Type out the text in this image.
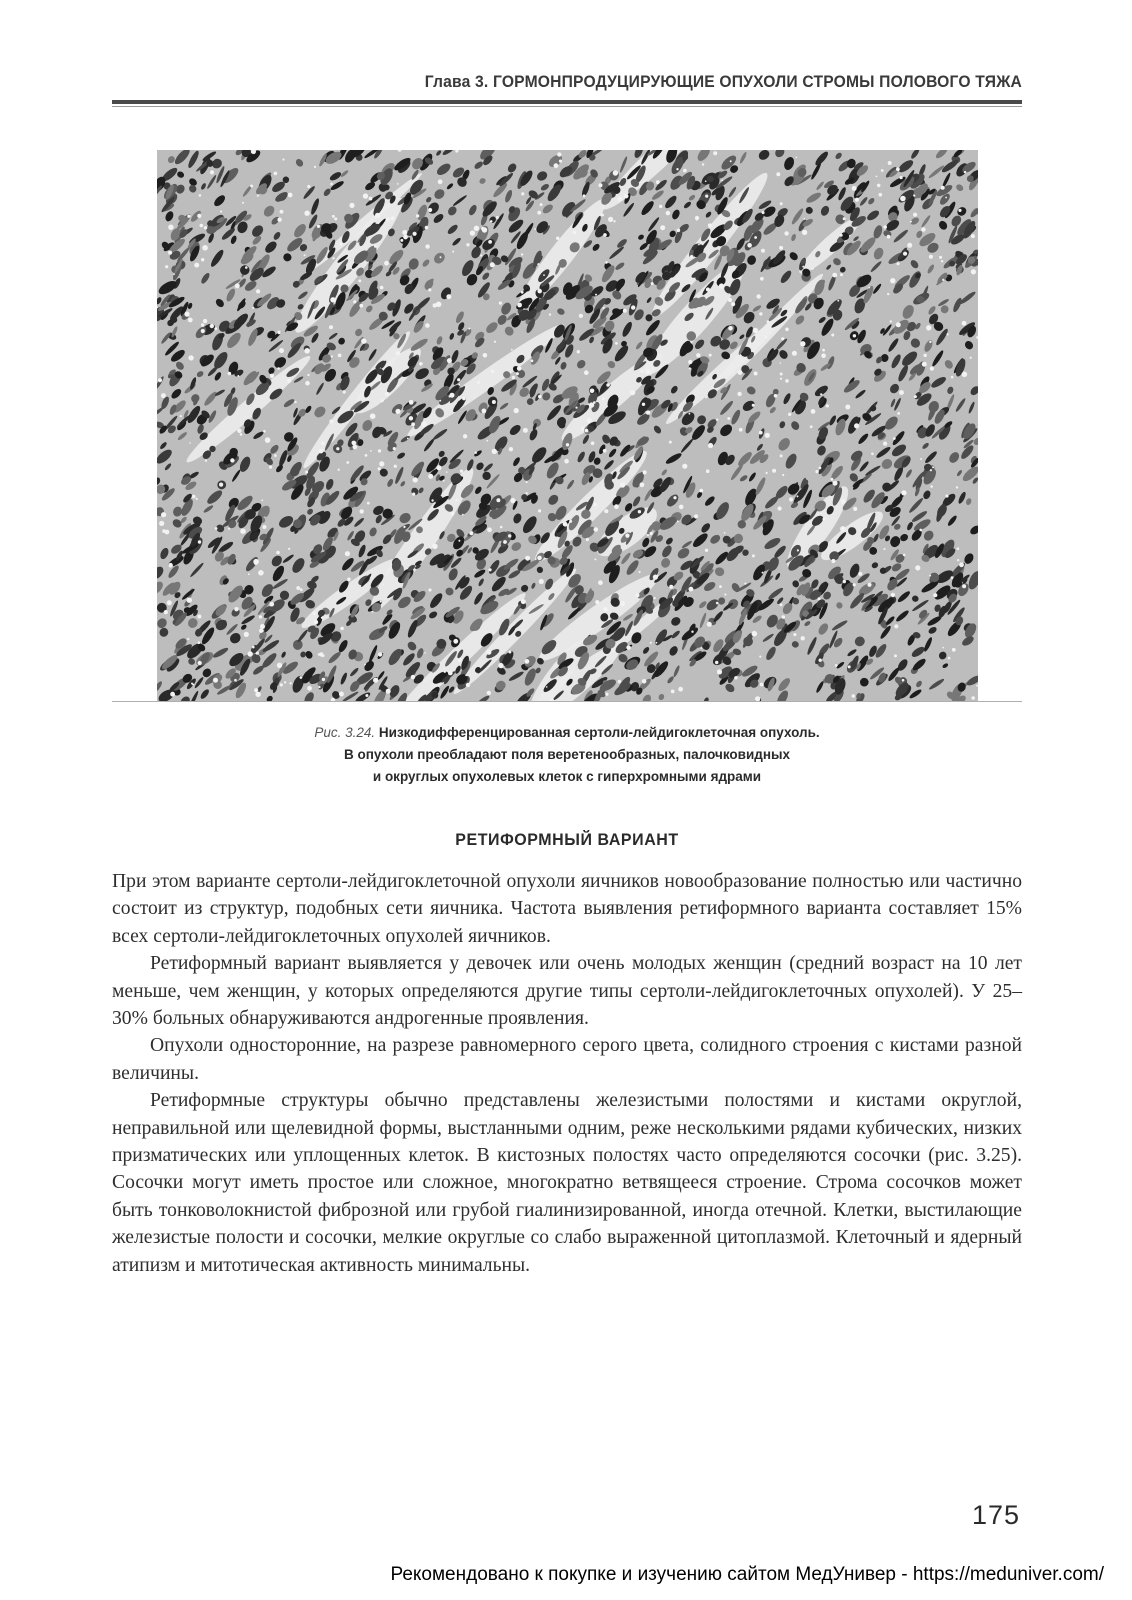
Глава 3. ГОРМОНПРОДУЦИРУЮЩИЕ ОПУХОЛИ СТРОМЫ ПОЛОВОГО ТЯЖА
Рис. 3.24. Низкодифференцированная сертоли-лейдигоклеточная опухоль.
В опухоли преобладают поля веретенообразных, палочковидных
и округлых опухолевых клеток с гиперхромными ядрами
РЕТИФОРМНЫЙ ВАРИАНТ

При этом варианте сертоли-лейдигоклеточной опухоли яичников новообразование полностью или частично состоит из структур, подобных сети яичника. Частота выявления ретиформного варианта составляет 15% всех сертоли-лейдигоклеточных опухолей яичников.

Ретиформный вариант выявляется у девочек или очень молодых женщин (средний возраст на 10 лет меньше, чем женщин, у которых определяются другие типы сертоли-лейдигоклеточных опухолей). У 25–30% больных обнаруживаются андрогенные проявления.

Опухоли односторонние, на разрезе равномерного серого цвета, солидного строения с кистами разной величины.

Ретиформные структуры обычно представлены железистыми полостями и кистами округлой, неправильной или щелевидной формы, выстланными одним, реже несколькими рядами кубических, низких призматических или уплощенных клеток. В кистозных полостях часто определяются сосочки (рис. 3.25). Сосочки могут иметь простое или сложное, многократно ветвящееся строение. Строма сосочков может быть тонковолокнистой фиброзной или грубой гиалинизированной, иногда отечной. Клетки, выстилающие железистые полости и сосочки, мелкие округлые со слабо выраженной цитоплазмой. Клеточный и ядерный атипизм и митотическая активность минимальны.

175
Рекомендовано к покупке и изучению сайтом МедУнивер - https://meduniver.com/
